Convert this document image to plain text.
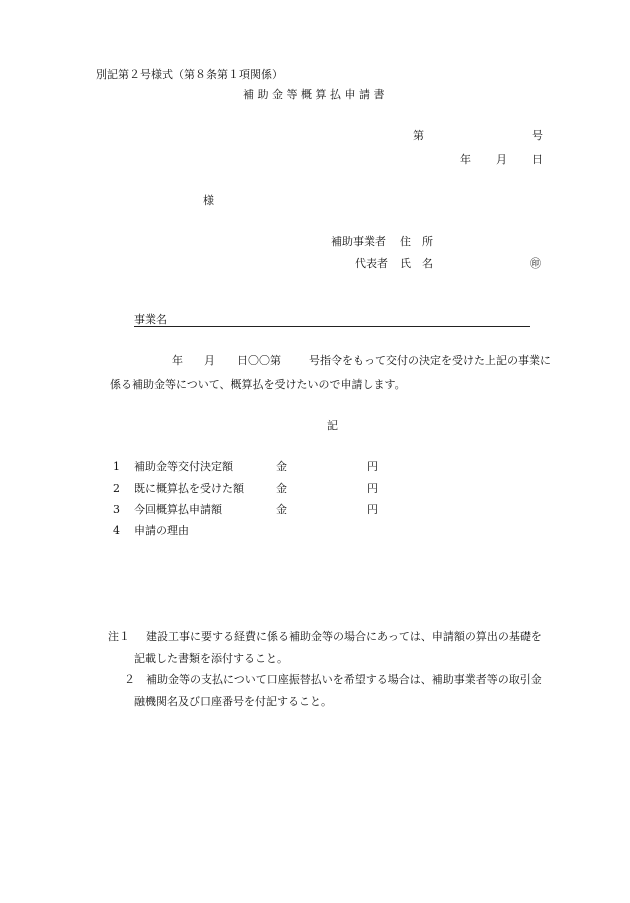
別記第２号様式（第８条第１項関係）
補 助 金 等 概 算 払 申 請 書
第	号
年 月 日
様
補助事業者 住　所
代表者 氏　名	㊞
事業名
年 月 日〇〇第	号指令をもって交付の決定を受けた上記の事業に
係る補助金等について、概算払を受けたいので申請します。
記
1 補助金等交付決定額	金	円
2 既に概算払を受けた額	金	円
3 今回概算払申請額	金	円
4 申請の理由
注１ 建設工事に要する経費に係る補助金等の場合にあっては、申請額の算出の基礎を
記載した書類を添付すること。
２ 補助金等の支払について口座振替払いを希望する場合は、補助事業者等の取引金
融機関名及び口座番号を付記すること。
